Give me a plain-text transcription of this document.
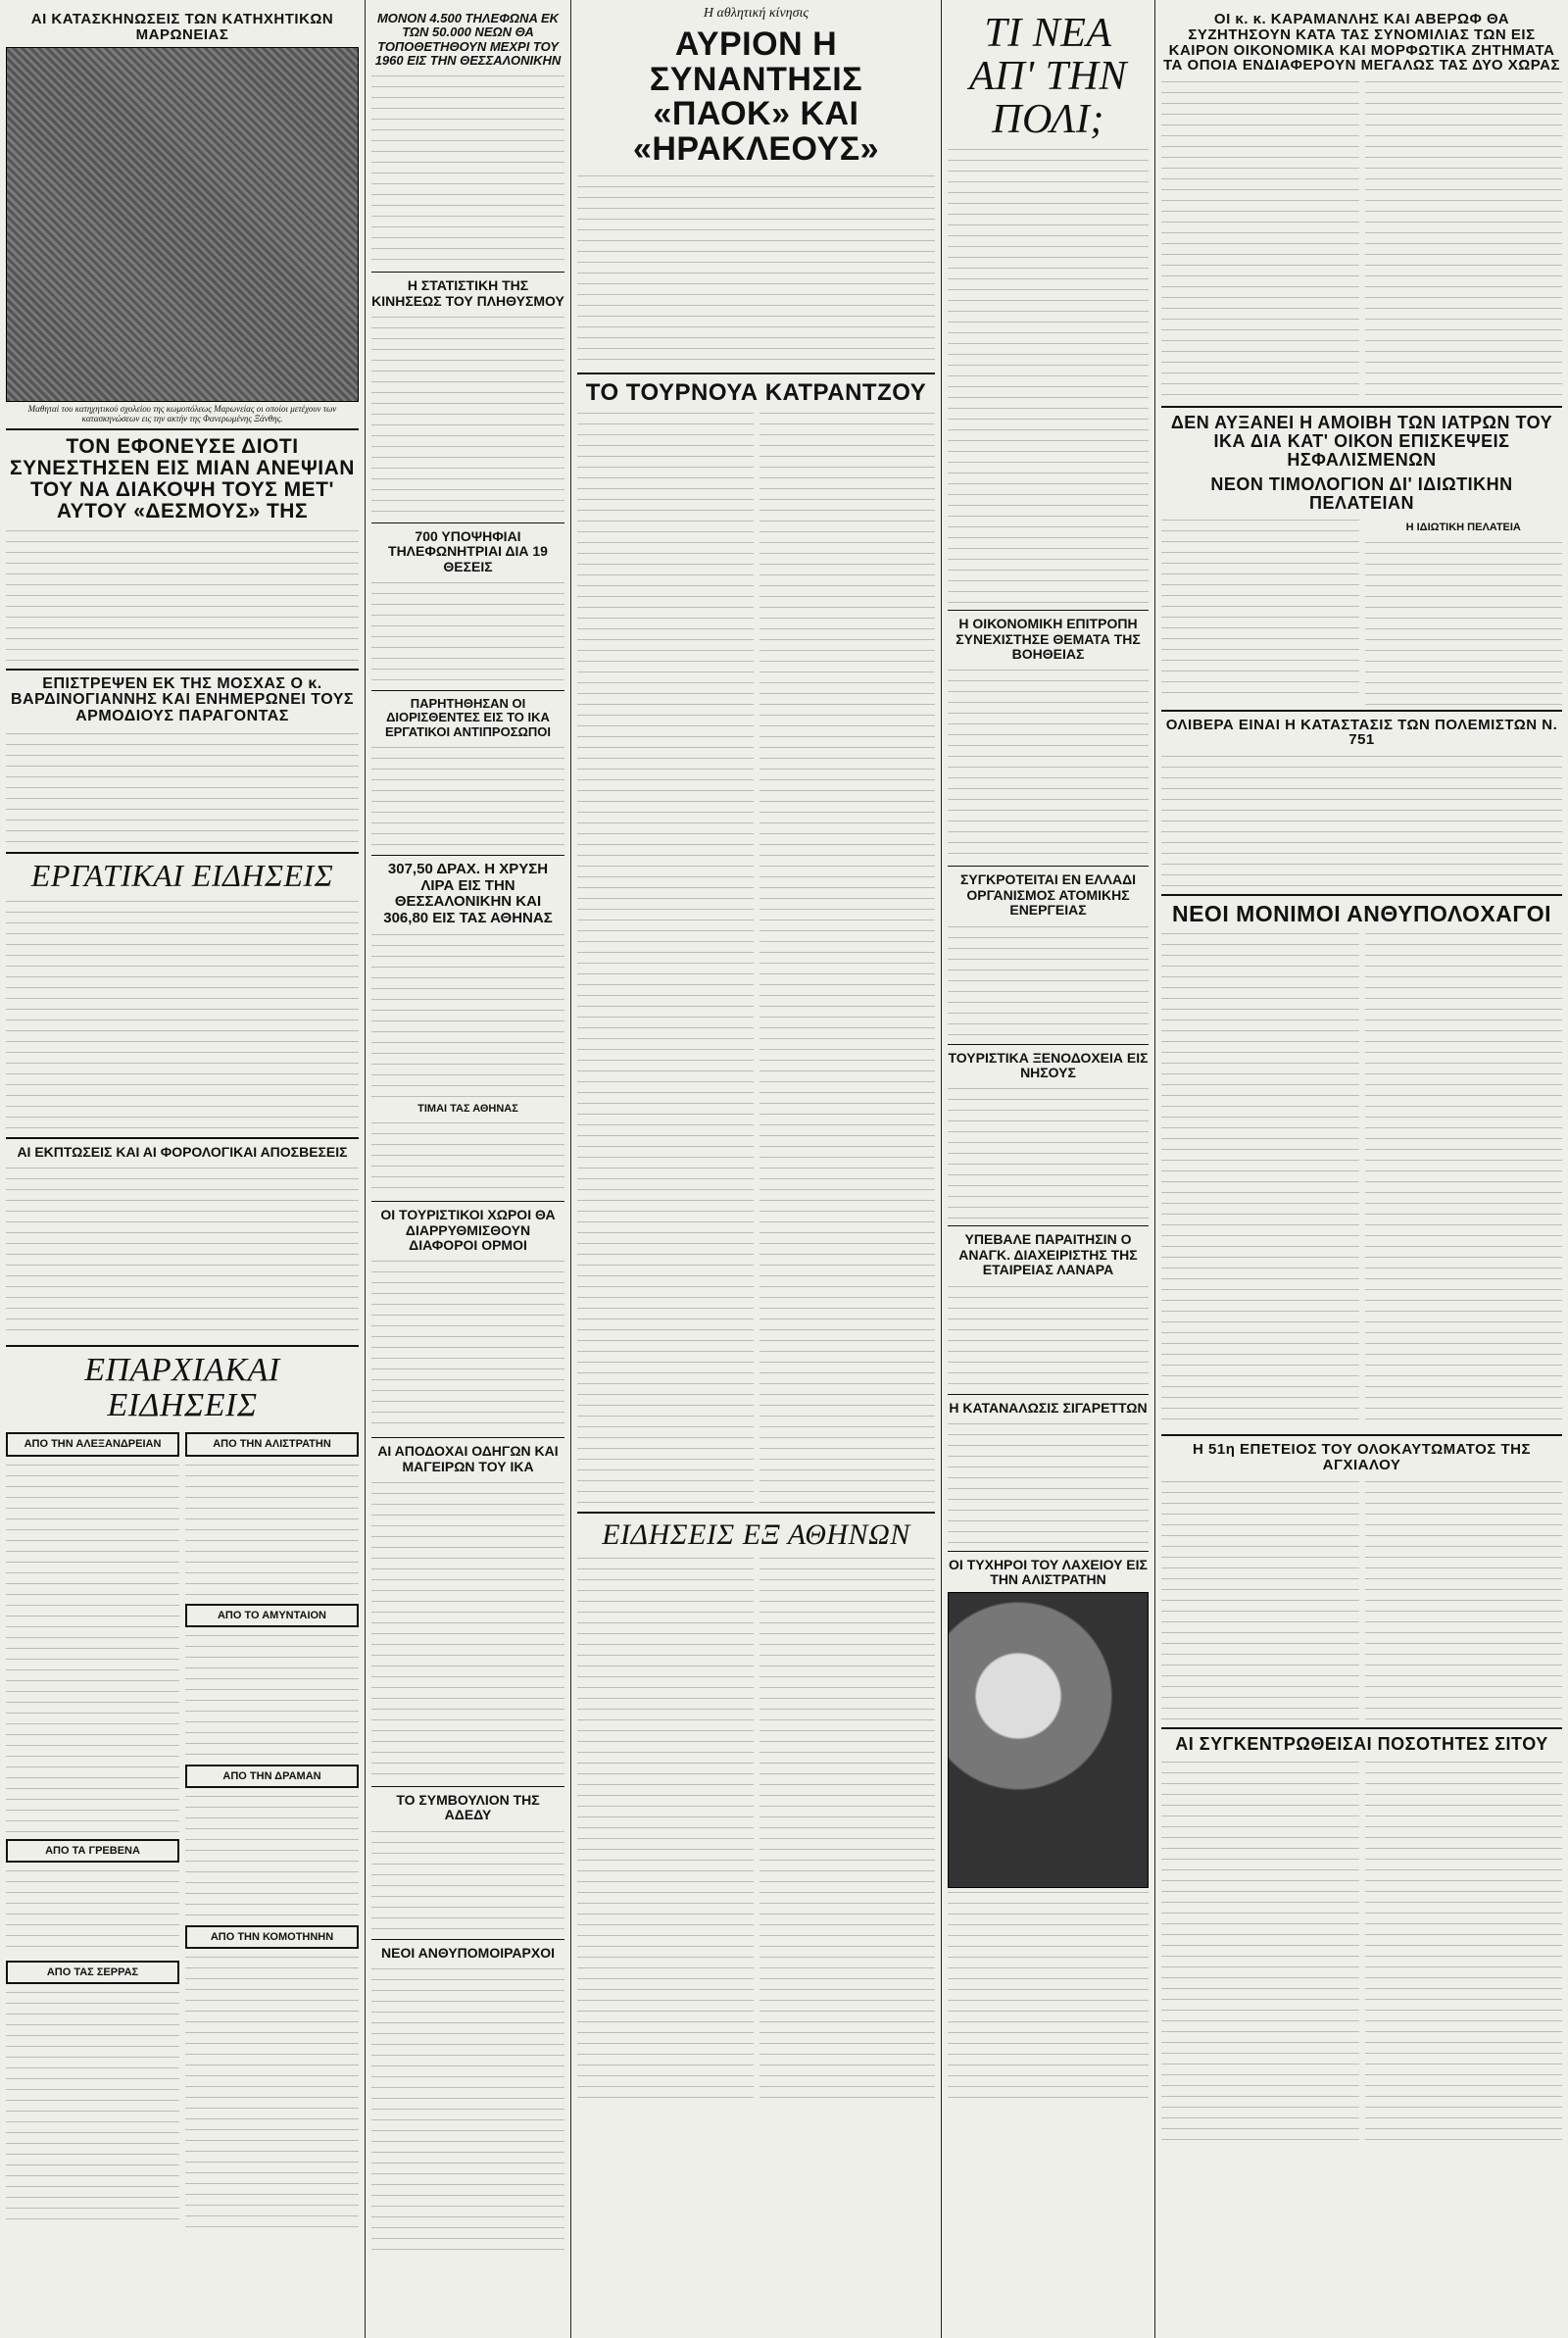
ΑΙ ΚΑΤΑΣΚΗΝΩΣΕΙΣ ΤΩΝ ΚΑΤΗΧΗΤΙΚΩΝ ΜΑΡΩΝΕΙΑΣ

Μαθηταί του κατηχητικού σχολείου της κωμοπόλεως Μαρωνείας οι οποίοι μετέχουν των κατασκηνώσεων εις την ακτήν της Φανερωμένης Ξάνθης.

ΤΟΝ ΕΦΟΝΕΥΣΕ ΔΙΟΤΙ ΣΥΝΕΣΤΗΣΕΝ ΕΙΣ ΜΙΑΝ ΑΝΕΨΙΑΝ ΤΟΥ ΝΑ ΔΙΑΚΟΨΗ ΤΟΥΣ ΜΕΤ' ΑΥΤΟΥ «ΔΕΣΜΟΥΣ» ΤΗΣ
ΕΠΙΣΤΡΕΨΕΝ ΕΚ ΤΗΣ ΜΟΣΧΑΣ Ο κ. ΒΑΡΔΙΝΟΓΙΑΝΝΗΣ ΚΑΙ ΕΝΗΜΕΡΩΝΕΙ ΤΟΥΣ ΑΡΜΟΔΙΟΥΣ ΠΑΡΑΓΟΝΤΑΣ
ΕΡΓΑΤΙΚΑΙ ΕΙΔΗΣΕΙΣ
ΑΙ ΕΚΠΤΩΣΕΙΣ ΚΑΙ ΑΙ ΦΟΡΟΛΟΓΙΚΑΙ ΑΠΟΣΒΕΣΕΙΣ
ΕΠΑΡΧΙΑΚΑΙ ΕΙΔΗΣΕΙΣ
ΑΠΟ ΤΗΝ ΑΛΕΞΑΝΔΡΕΙΑΝ
ΑΠΟ ΤΑ ΓΡΕΒΕΝΑ
ΑΠΟ ΤΑΣ ΣΕΡΡΑΣ
ΑΠΟ ΤΗΝ ΑΛΙΣΤΡΑΤΗΝ
ΑΠΟ ΤΟ ΑΜΥΝΤΑΙΟΝ
ΑΠΟ ΤΗΝ ΔΡΑΜΑΝ
ΑΠΟ ΤΗΝ ΚΟΜΟΤΗΝΗΝ
ΜΟΝΟΝ 4.500 ΤΗΛΕΦΩΝΑ ΕΚ ΤΩΝ 50.000 ΝΕΩΝ ΘΑ ΤΟΠΟΘΕΤΗΘΟΥΝ ΜΕΧΡΙ ΤΟΥ 1960 ΕΙΣ ΤΗΝ ΘΕΣΣΑΛΟΝΙΚΗΝ
Η ΣΤΑΤΙΣΤΙΚΗ ΤΗΣ ΚΙΝΗΣΕΩΣ ΤΟΥ ΠΛΗΘΥΣΜΟΥ
700 ΥΠΟΨΗΦΙΑΙ ΤΗΛΕΦΩΝΗΤΡΙΑΙ ΔΙΑ 19 ΘΕΣΕΙΣ
ΠΑΡΗΤΗΘΗΣΑΝ ΟΙ ΔΙΟΡΙΣΘΕΝΤΕΣ ΕΙΣ ΤΟ ΙΚΑ ΕΡΓΑΤΙΚΟΙ ΑΝΤΙΠΡΟΣΩΠΟΙ
307,50 ΔΡΑΧ. Η ΧΡΥΣΗ ΛΙΡΑ ΕΙΣ ΤΗΝ ΘΕΣΣΑΛΟΝΙΚΗΝ ΚΑΙ 306,80 ΕΙΣ ΤΑΣ ΑΘΗΝΑΣ
ΤΙΜΑΙ ΤΑΣ ΑΘΗΝΑΣ
ΟΙ ΤΟΥΡΙΣΤΙΚΟΙ ΧΩΡΟΙ ΘΑ ΔΙΑΡΡΥΘΜΙΣΘΟΥΝ ΔΙΑΦΟΡΟΙ ΟΡΜΟΙ
ΑΙ ΑΠΟΔΟΧΑΙ ΟΔΗΓΩΝ ΚΑΙ ΜΑΓΕΙΡΩΝ ΤΟΥ ΙΚΑ
ΤΟ ΣΥΜΒΟΥΛΙΟΝ ΤΗΣ ΑΔΕΔΥ
ΝΕΟΙ ΑΝΘΥΠΟΜΟΙΡΑΡΧΟΙ
Η αθλητική κίνησις
ΑΥΡΙΟΝ Η ΣΥΝΑΝΤΗΣΙΣ «ΠΑΟΚ» ΚΑΙ «ΗΡΑΚΛΕΟΥΣ»
ΤΟ ΤΟΥΡΝΟΥΑ ΚΑΤΡΑΝΤΖΟΥ
ΕΙΔΗΣΕΙΣ ΕΞ ΑΘΗΝΩΝ
ΤΙ ΝΕΑ ΑΠ' ΤΗΝ ΠΟΛΙ;
Η ΟΙΚΟΝΟΜΙΚΗ ΕΠΙΤΡΟΠΗ ΣΥΝΕΧΙΣΤΗΣΕ ΘΕΜΑΤΑ ΤΗΣ ΒΟΗΘΕΙΑΣ
ΣΥΓΚΡΟΤΕΙΤΑΙ ΕΝ ΕΛΛΑΔΙ ΟΡΓΑΝΙΣΜΟΣ ΑΤΟΜΙΚΗΣ ΕΝΕΡΓΕΙΑΣ
ΤΟΥΡΙΣΤΙΚΑ ΞΕΝΟΔΟΧΕΙΑ ΕΙΣ ΝΗΣΟΥΣ
ΥΠΕΒΑΛΕ ΠΑΡΑΙΤΗΣΙΝ Ο ΑΝΑΓΚ. ΔΙΑΧΕΙΡΙΣΤΗΣ ΤΗΣ ΕΤΑΙΡΕΙΑΣ ΛΑΝΑΡΑ
Η ΚΑΤΑΝΑΛΩΣΙΣ ΣΙΓΑΡΕΤΤΩΝ
ΟΙ ΤΥΧΗΡΟΙ ΤΟΥ ΛΑΧΕΙΟΥ ΕΙΣ ΤΗΝ ΑΛΙΣΤΡΑΤΗΝ
ΟΙ κ. κ. ΚΑΡΑΜΑΝΛΗΣ ΚΑΙ ΑΒΕΡΩΦ ΘΑ ΣΥΖΗΤΗΣΟΥΝ ΚΑΤΑ ΤΑΣ ΣΥΝΟΜΙΛΙΑΣ ΤΩΝ ΕΙΣ ΚΑΙΡΟΝ ΟΙΚΟΝΟΜΙΚΑ ΚΑΙ ΜΟΡΦΩΤΙΚΑ ΖΗΤΗΜΑΤΑ ΤΑ ΟΠΟΙΑ ΕΝΔΙΑΦΕΡΟΥΝ ΜΕΓΑΛΩΣ ΤΑΣ ΔΥΟ ΧΩΡΑΣ
ΔΕΝ ΑΥΞΑΝΕΙ Η ΑΜΟΙΒΗ ΤΩΝ ΙΑΤΡΩΝ ΤΟΥ ΙΚΑ ΔΙΑ ΚΑΤ' ΟΙΚΟΝ ΕΠΙΣΚΕΨΕΙΣ ΗΣΦΑΛΙΣΜΕΝΩΝ
ΝΕΟΝ ΤΙΜΟΛΟΓΙΟΝ ΔΙ' ΙΔΙΩΤΙΚΗΝ ΠΕΛΑΤΕΙΑΝ
Η ΙΔΙΩΤΙΚΗ ΠΕΛΑΤΕΙΑ
ΟΛΙΒΕΡΑ ΕΙΝΑΙ Η ΚΑΤΑΣΤΑΣΙΣ ΤΩΝ ΠΟΛΕΜΙΣΤΩΝ Ν. 751
ΝΕΟΙ ΜΟΝΙΜΟΙ ΑΝΘΥΠΟΛΟΧΑΓΟΙ
Η 51η ΕΠΕΤΕΙΟΣ ΤΟΥ ΟΛΟΚΑΥΤΩΜΑΤΟΣ ΤΗΣ ΑΓΧΙΑΛΟΥ
ΑΙ ΣΥΓΚΕΝΤΡΩΘΕΙΣΑΙ ΠΟΣΟΤΗΤΕΣ ΣΙΤΟΥ
